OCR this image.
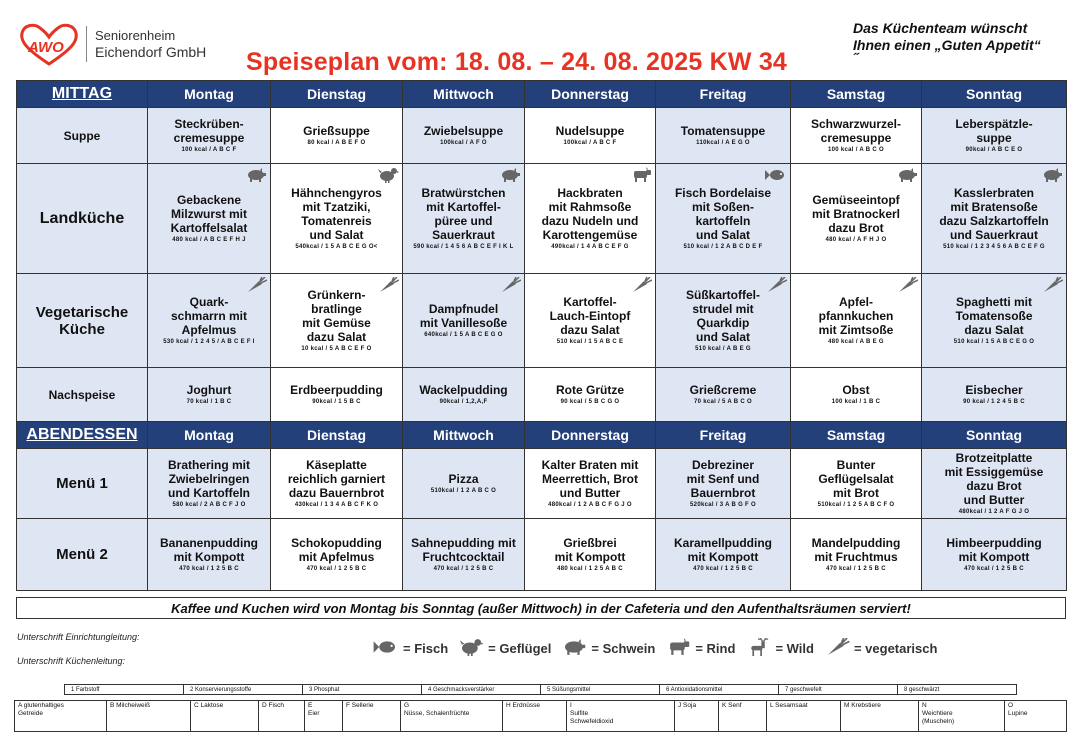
AWO
Seniorenheim
Eichendorf GmbH Speiseplan vom: 18. 08. – 24. 08. 2025 KW 34
Das Küchenteam wünscht
Ihnen einen „Guten Appetit“
˝
MITTAG	Montag	Dienstag	Mittwoch	Donnerstag	Freitag	Samstag	Sonntag
Suppe	Steckrüben-
cremesuppe
100 kcal / A B C F	Grießsuppe
80 kcal / A B E F O	Zwiebelsuppe
100kcal / A F O	Nudelsuppe
100kcal / A B C F	Tomatensuppe
110kcal / A E G O	Schwarzwurzel-
cremesuppe
100 kcal / A B C O	Leberspätzle-
suppe
90kcal / A B C E O

Landküche	Gebackene
Milzwurst mit
Kartoffelsalat
480 kcal / A B C E F H J	Hähnchengyros
mit Tzatziki,
Tomatenreis
und Salat
540kcal / 1 5 A B C E G O<	Bratwürstchen
mit Kartoffel-
püree und
Sauerkraut
590 kcal / 1 4 5 6 A B C E F I K L	Hackbraten
mit Rahmsoße
dazu Nudeln und
Karottengemüse
490kcal / 1 4 A B C E F G	Fisch Bordelaise
mit Soßen-
kartoffeln
und Salat
510 kcal / 1 2 A B C D E F	Gemüseeintopf
mit Bratnockerl
dazu Brot
480 kcal / A F H J O	Kasslerbraten
mit Bratensoße
dazu Salzkartoffeln
und Sauerkraut
510 kcal / 1 2 3 4 5 6 A B C E F G

Vegetarische
Küche	Quark-
schmarrn mit
Apfelmus
530 kcal / 1 2 4 5 / A B C E F I	Grünkern-
bratlinge
mit Gemüse
dazu Salat
10 kcal / 5 A B C E F O	Dampfnudel
mit Vanillesoße
640kcal / 1 5 A B C E G O	Kartoffel-
Lauch-Eintopf
dazu Salat
510 kcal / 1 5 A B C E	Süßkartoffel-
strudel mit
Quarkdip
und Salat
510 kcal / A B E G	Apfel-
pfannkuchen
mit Zimtsoße
480 kcal / A B E G	Spaghetti mit
Tomatensoße
dazu Salat
510 kcal / 1 5 A B C E G O

Nachspeise	Joghurt
70 kcal / 1 B C	Erdbeerpudding
90kcal / 1 5 B C	Wackelpudding
90kcal / 1,2,A,F	Rote Grütze
90 kcal / 5 B C G O	Grießcreme
70 kcal / 5 A B C O	Obst
100 kcal / 1 B C	Eisbecher
90 kcal / 1 2 4 5 B C

ABENDESSEN	Montag	Dienstag	Mittwoch	Donnerstag	Freitag	Samstag	Sonntag
Menü 1	Brathering mit
Zwiebelringen
und Kartoffeln
580 kcal / 2 A B C F J O	Käseplatte
reichlich garniert
dazu Bauernbrot
430kcal / 1 3 4 A B C F K O	Pizza
510kcal / 1 2 A B C O	Kalter Braten mit
Meerrettich, Brot
und Butter
480kcal / 1 2 A B C F G J O	Debreziner
mit Senf und
Bauernbrot
520kcal / 3 A B G F O	Bunter
Geflügelsalat
mit Brot
510kcal / 1 2 5 A B C F O	Brotzeitplatte
mit Essiggemüse
dazu Brot
und Butter
480kcal / 1 2 A F G J O

Menü 2	Bananenpudding
mit Kompott
470 kcal / 1 2 5 B C	Schokopudding
mit Apfelmus
470 kcal / 1 2 5 B C	Sahnepudding mit
Fruchtcocktail
470 kcal / 1 2 5 B C	Grießbrei
mit Kompott
480 kcal / 1 2 5 A B C	Karamellpudding
mit Kompott
470 kcal / 1 2 5 B C	Mandelpudding
mit Fruchtmus
470 kcal / 1 2 5 B C	Himbeerpudding
mit Kompott
470 kcal / 1 2 5 B C
Kaffee und Kuchen wird von Montag bis Sonntag (außer Mittwoch) in der Cafeteria und den Aufenthaltsräumen serviert!
Unterschrift Einrichtungleitung:
Unterschrift Küchenleitung:
= Fisch	= Geflügel	= Schwein	= Rind	= Wild	= vegetarisch
1 Farbstoff	2 Konservierungsstoffe	3 Phosphat	4 Geschmacksverstärker	5 Süßungsmittel	6 Antioxidationsmittel	7 geschwefelt	8 geschwärzt
A glutenhaltiges
Getreide
B Milcheiweiß	C Laktose	D Fisch	E
Eier
F Sellerie	G
Nüsse, Schalenfrüchte
H Erdnüsse	I
Sulfite
Schwefeldioxid
J Soja	K Senf	L Sesamsaat	M Krebstiere	N
Weichtiere
(Muscheln)
O
Lupine
